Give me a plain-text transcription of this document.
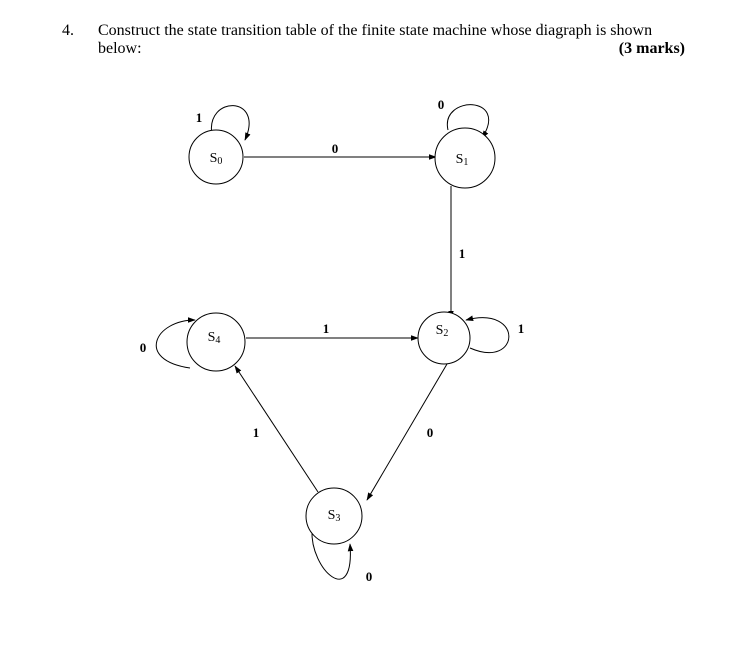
4. Construct the state transition table of the finite state machine whose diagraph is shown
below:	(3 marks)
S0	S1
S2
S3
S4
1
0
0
1
1
1
0
1	0
0
